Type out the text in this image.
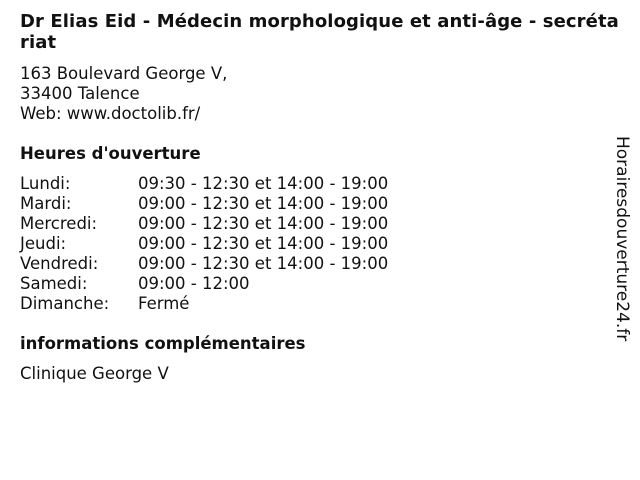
Dr Elias Eid - Médecin morphologique et anti-âge - secrétariat
163 Boulevard George V,
33400 Talence
Web: www.doctolib.fr/
Heures d'ouverture
Lundi:	09:30 - 12:30 et 14:00 - 19:00
Mardi:	09:00 - 12:30 et 14:00 - 19:00
Mercredi:	09:00 - 12:30 et 14:00 - 19:00
Jeudi:	09:00 - 12:30 et 14:00 - 19:00
Vendredi:	09:00 - 12:30 et 14:00 - 19:00
Samedi:	09:00 - 12:00
Dimanche:	Fermé
informations complémentaires
Clinique George V
Horairesdouverture24.fr
